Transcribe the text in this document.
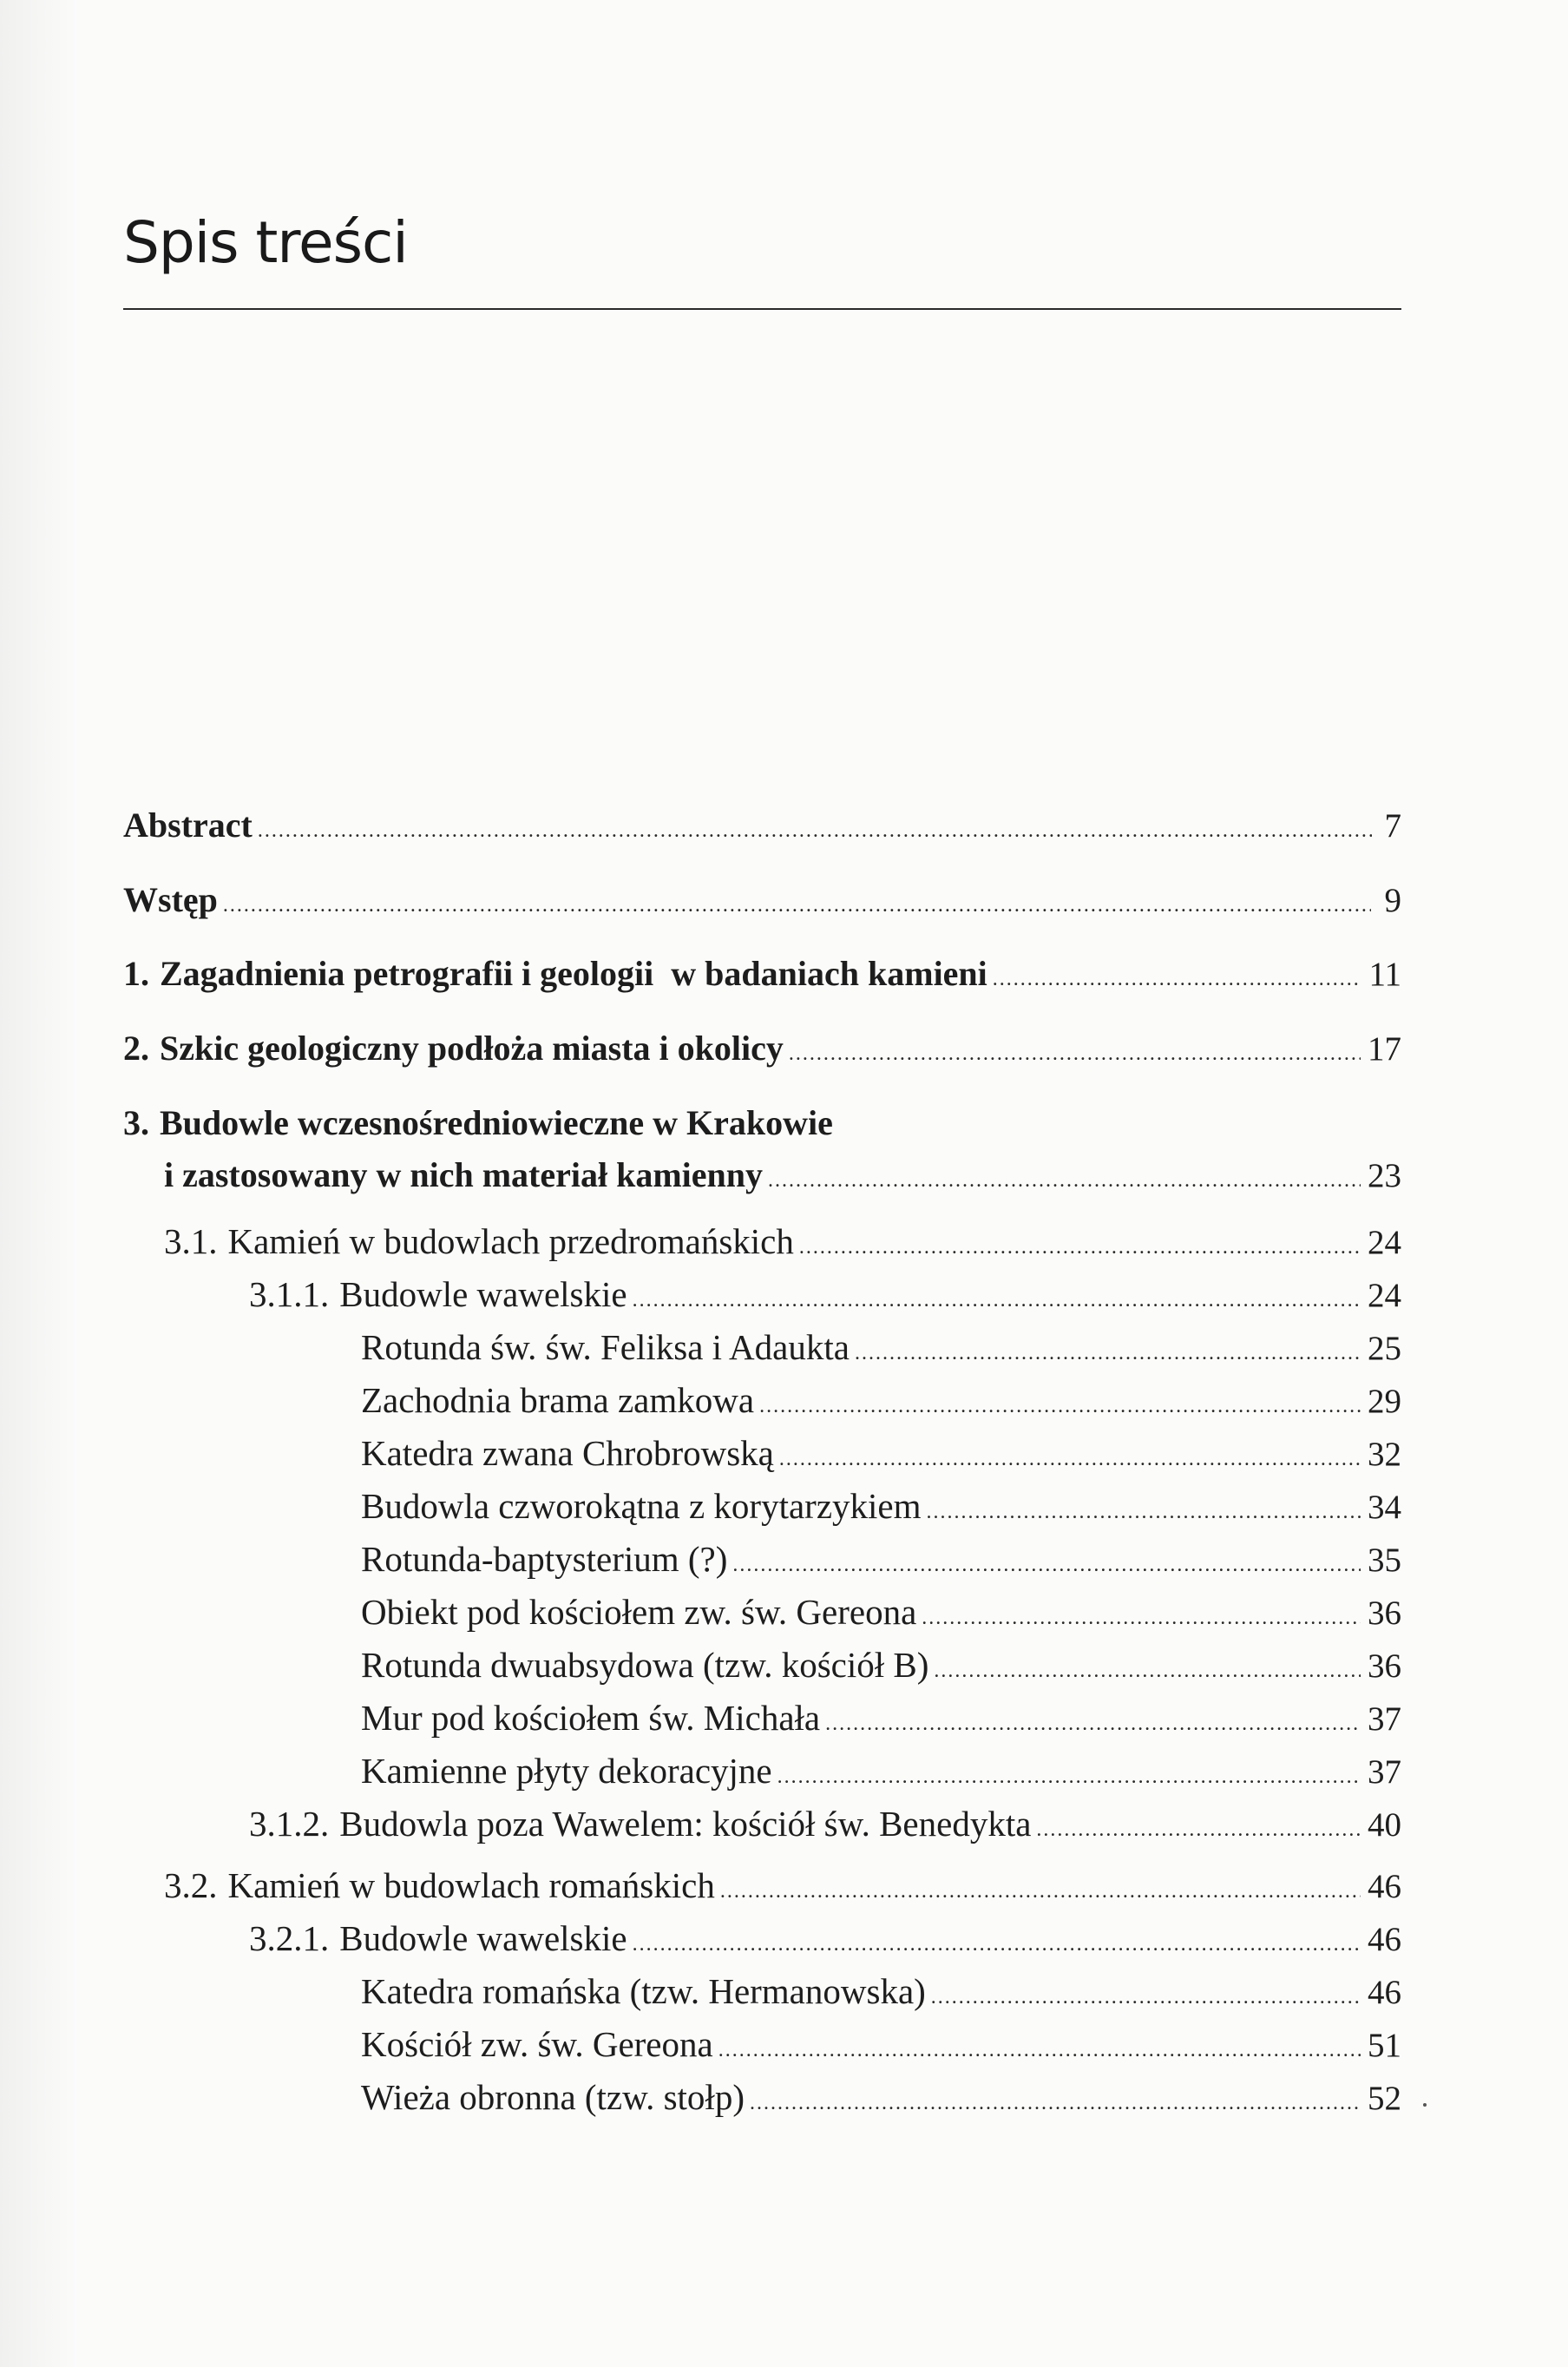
Spis treści
Abstract .....	7
Wstęp .....	9
1. Zagadnienia petrografii i geologii  w badaniach kamieni .....	11
2. Szkic geologiczny podłoża miasta i okolicy .....	17
3. Budowle wczesnośredniowieczne w Krakowie
i zastosowany w nich materiał kamienny .....	23
3.1. Kamień w budowlach przedromańskich .....	24
3.1.1. Budowle wawelskie .....	24
Rotunda św. św. Feliksa i Adaukta .....	25
Zachodnia brama zamkowa .....	29
Katedra zwana Chrobrowską .....	32
Budowla czworokątna z korytarzykiem .....	34
Rotunda-baptysterium (?) .....	35
Obiekt pod kościołem zw. św. Gereona .....	36
Rotunda dwuabsydowa (tzw. kościół B) .....	36
Mur pod kościołem św. Michała .....	37
Kamienne płyty dekoracyjne .....	37
3.1.2. Budowla poza Wawelem: kościół św. Benedykta .....	40
3.2. Kamień w budowlach romańskich .....	46
3.2.1. Budowle wawelskie .....	46
Katedra romańska (tzw. Hermanowska) .....	46
Kościół zw. św. Gereona .....	51
Wieża obronna (tzw. stołp) .....	52
